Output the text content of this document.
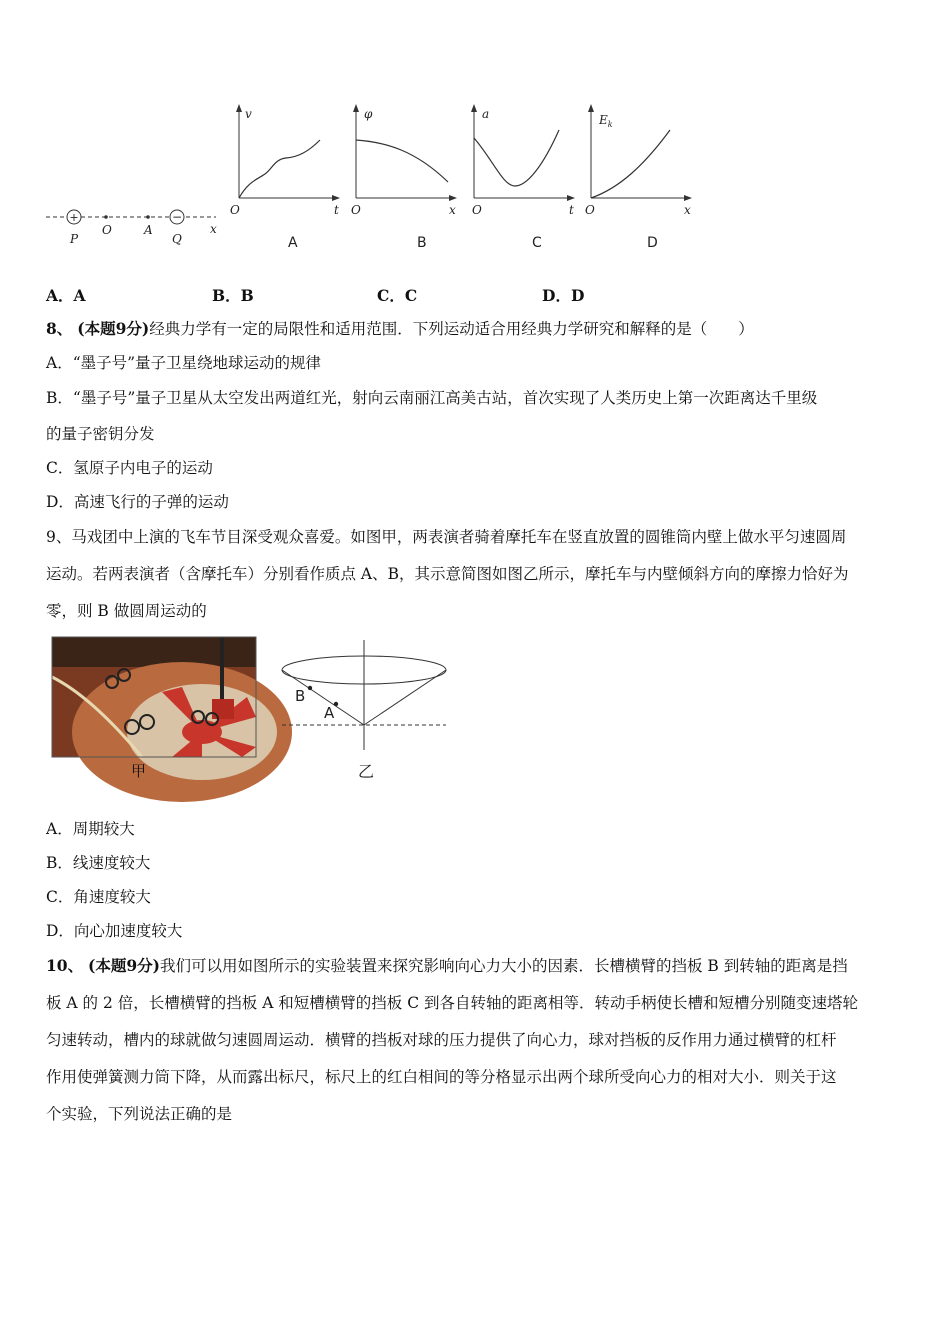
+	−
P
O	A
Q
x
v
t
O
A
φ
x
O
B
a
t
O
C
$E_k$
x
O
D
A．A	B．B	C．C	D．D
8、 (本题9分)经典力学有一定的局限性和适用范围．下列运动适合用经典力学研究和解释的是（　　）
A．“墨子号”量子卫星绕地球运动的规律
B．“墨子号”量子卫星从太空发出两道红光，射向云南丽江高美古站，首次实现了人类历史上第一次距离达千里级
的量子密钥分发
C．氢原子内电子的运动
D．高速飞行的子弹的运动
9、马戏团中上演的飞车节目深受观众喜爱。如图甲，两表演者骑着摩托车在竖直放置的圆锥筒内壁上做水平匀速圆周
运动。若两表演者（含摩托车）分别看作质点 A、B，其示意简图如图乙所示，摩托车与内壁倾斜方向的摩擦力恰好为
零，则 B 做圆周运动的
甲
B
A
乙
A．周期较大
B．线速度较大
C．角速度较大
D．向心加速度较大
10、 (本题9分)我们可以用如图所示的实验装置来探究影响向心力大小的因素．长槽横臂的挡板 B 到转轴的距离是挡
板 A 的 2 倍，长槽横臂的挡板 A 和短槽横臂的挡板 C 到各自转轴的距离相等．转动手柄使长槽和短槽分别随变速塔轮
匀速转动，槽内的球就做匀速圆周运动．横臂的挡板对球的压力提供了向心力，球对挡板的反作用力通过横臂的杠杆
作用使弹簧测力筒下降，从而露出标尺，标尺上的红白相间的等分格显示出两个球所受向心力的相对大小．则关于这
个实验，下列说法正确的是
